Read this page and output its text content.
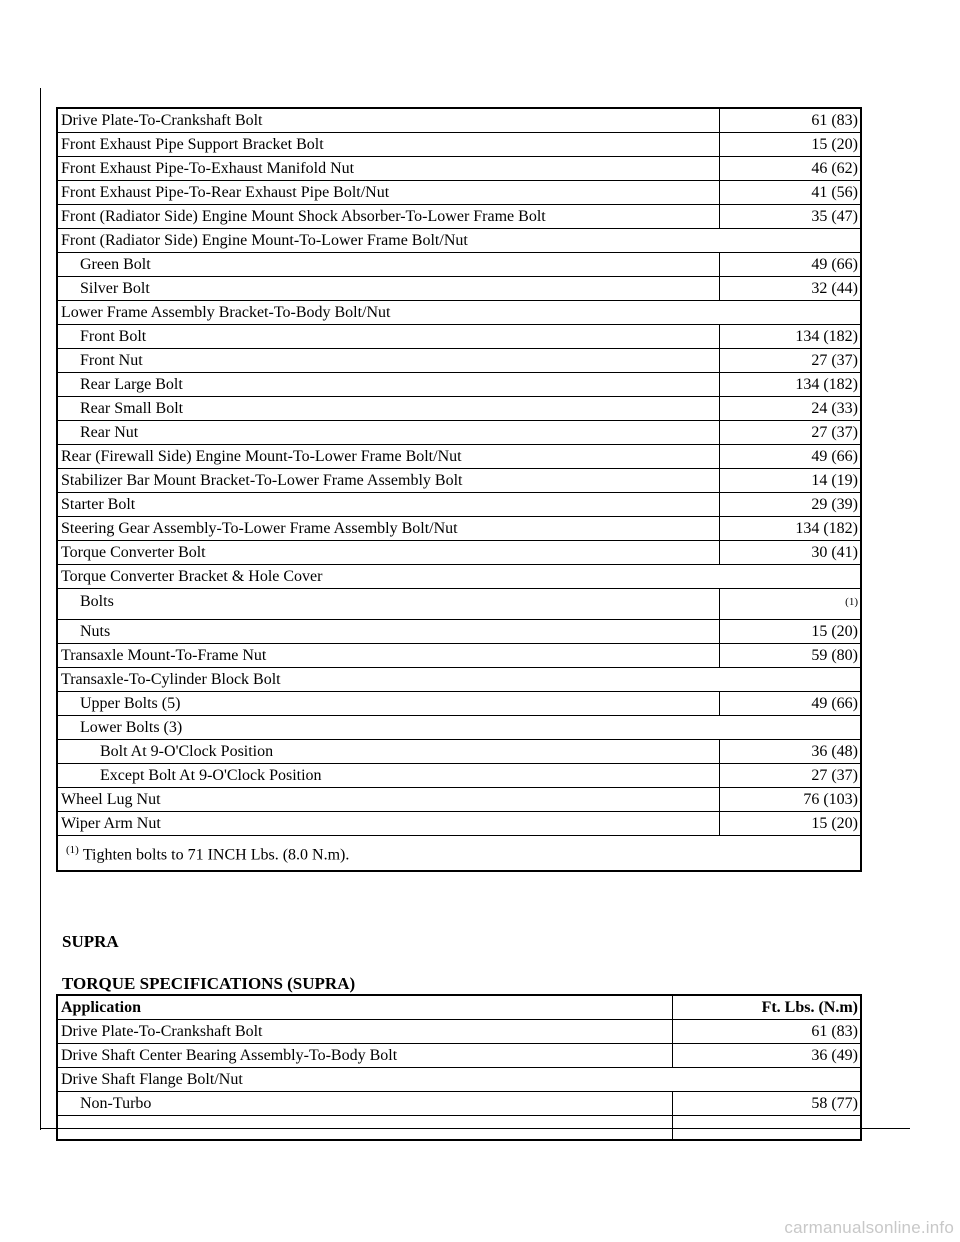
Drive Plate-To-Crankshaft Bolt	61 (83)
Front Exhaust Pipe Support Bracket Bolt	15 (20)
Front Exhaust Pipe-To-Exhaust Manifold Nut	46 (62)
Front Exhaust Pipe-To-Rear Exhaust Pipe Bolt/Nut	41 (56)
Front (Radiator Side) Engine Mount Shock Absorber-To-Lower Frame Bolt	35 (47)
Front (Radiator Side) Engine Mount-To-Lower Frame Bolt/Nut	
Green Bolt	49 (66)
Silver Bolt	32 (44)
Lower Frame Assembly Bracket-To-Body Bolt/Nut	
Front Bolt	134 (182)
Front Nut	27 (37)
Rear Large Bolt	134 (182)
Rear Small Bolt	24 (33)
Rear Nut	27 (37)
Rear (Firewall Side) Engine Mount-To-Lower Frame Bolt/Nut	49 (66)
Stabilizer Bar Mount Bracket-To-Lower Frame Assembly Bolt	14 (19)
Starter Bolt	29 (39)
Steering Gear Assembly-To-Lower Frame Assembly Bolt/Nut	134 (182)
Torque Converter Bolt	30 (41)
Torque Converter Bracket & Hole Cover	
Bolts	(1)
Nuts	15 (20)
Transaxle Mount-To-Frame Nut	59 (80)
Transaxle-To-Cylinder Block Bolt	
Upper Bolts (5)	49 (66)
Lower Bolts (3)	
Bolt At 9-O'Clock Position	36 (48)
Except Bolt At 9-O'Clock Position	27 (37)
Wheel Lug Nut	76 (103)
Wiper Arm Nut	15 (20)
$^{(1)}$ Tighten bolts to 71 INCH Lbs. (8.0 N.m).	
SUPRA
TORQUE SPECIFICATIONS (SUPRA)
Application	Ft. Lbs. (N.m)
Drive Plate-To-Crankshaft Bolt	61 (83)
Drive Shaft Center Bearing Assembly-To-Body Bolt	36 (49)
Drive Shaft Flange Bolt/Nut	
Non-Turbo	58 (77)

carmanualsonline.info
